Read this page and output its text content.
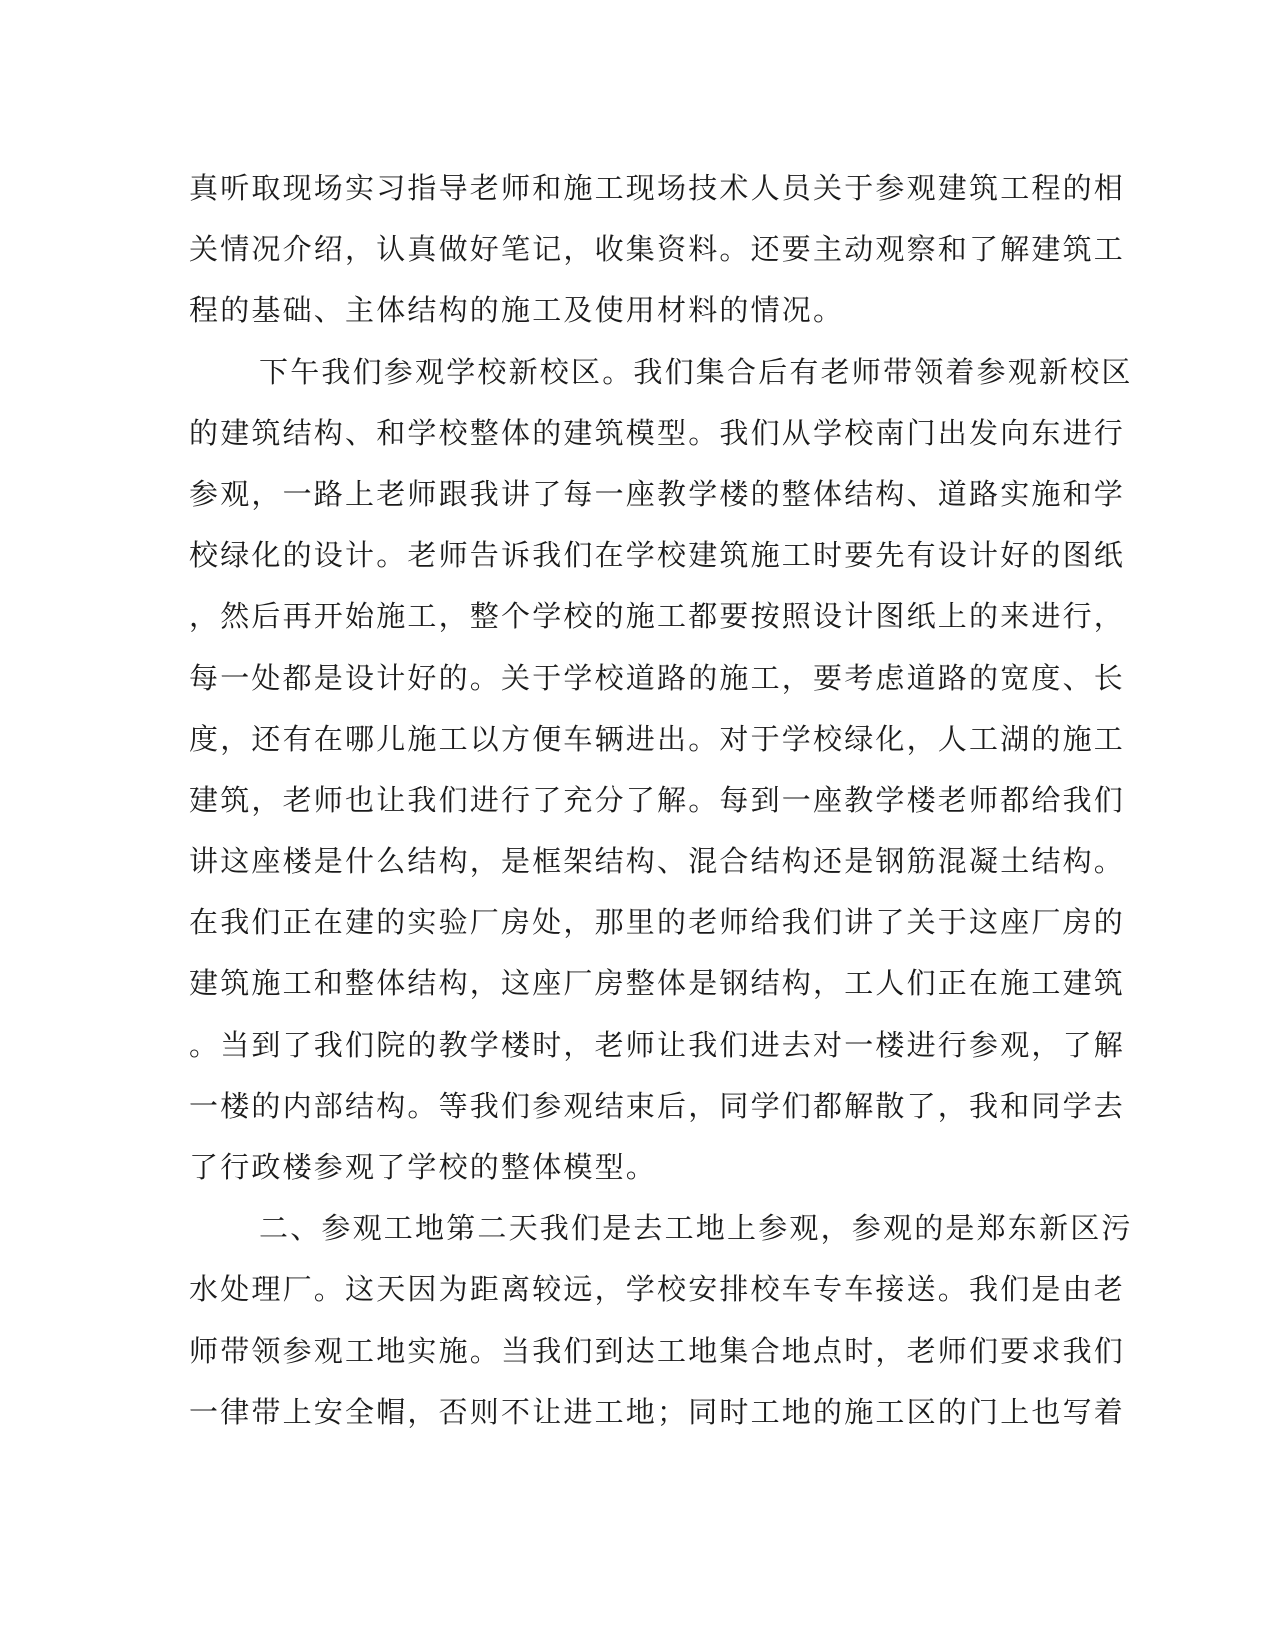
真听取现场实习指导老师和施工现场技术人员关于参观建筑工程的相
关情况介绍，认真做好笔记，收集资料。还要主动观察和了解建筑工
程的基础、主体结构的施工及使用材料的情况。
下午我们参观学校新校区。我们集合后有老师带领着参观新校区
的建筑结构、和学校整体的建筑模型。我们从学校南门出发向东进行
参观，一路上老师跟我讲了每一座教学楼的整体结构、道路实施和学
校绿化的设计。老师告诉我们在学校建筑施工时要先有设计好的图纸
，然后再开始施工，整个学校的施工都要按照设计图纸上的来进行，
每一处都是设计好的。关于学校道路的施工，要考虑道路的宽度、长
度，还有在哪儿施工以方便车辆进出。对于学校绿化，人工湖的施工
建筑，老师也让我们进行了充分了解。每到一座教学楼老师都给我们
讲这座楼是什么结构，是框架结构、混合结构还是钢筋混凝土结构。
在我们正在建的实验厂房处，那里的老师给我们讲了关于这座厂房的
建筑施工和整体结构，这座厂房整体是钢结构，工人们正在施工建筑
。当到了我们院的教学楼时，老师让我们进去对一楼进行参观，了解
一楼的内部结构。等我们参观结束后，同学们都解散了，我和同学去
了行政楼参观了学校的整体模型。
二、参观工地第二天我们是去工地上参观，参观的是郑东新区污
水处理厂。这天因为距离较远，学校安排校车专车接送。我们是由老
师带领参观工地实施。当我们到达工地集合地点时，老师们要求我们
一律带上安全帽，否则不让进工地；同时工地的施工区的门上也写着
